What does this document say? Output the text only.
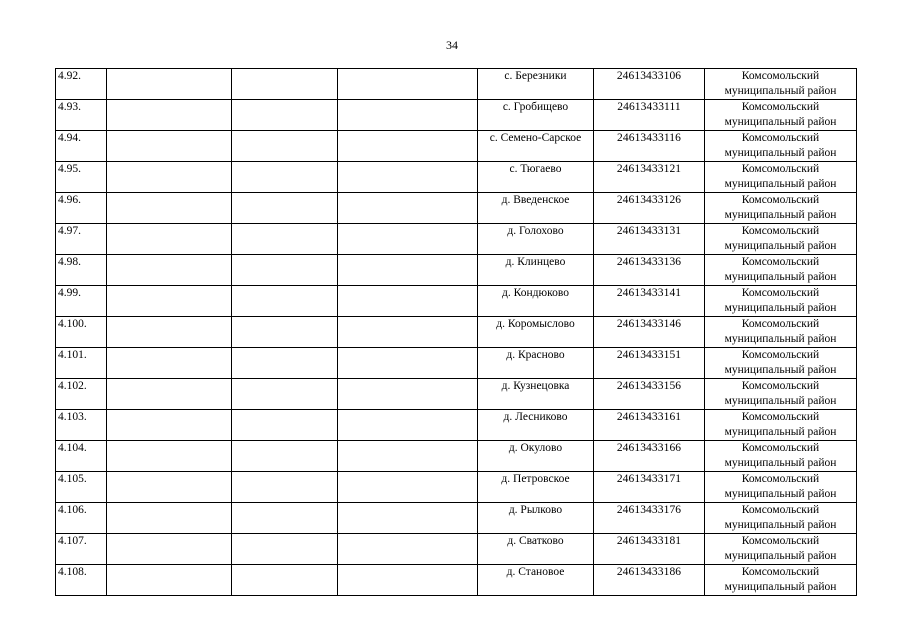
34
4.92.				с. Березники	24613433106	Комсомольский
муниципальный район

4.93.				с. Гробищево	24613433111	Комсомольский
муниципальный район

4.94.				с. Семено-Сарское	24613433116	Комсомольский
муниципальный район

4.95.				с. Тюгаево	24613433121	Комсомольский
муниципальный район

4.96.				д. Введенское	24613433126	Комсомольский
муниципальный район

4.97.				д. Голохово	24613433131	Комсомольский
муниципальный район

4.98.				д. Клинцево	24613433136	Комсомольский
муниципальный район

4.99.				д. Кондюково	24613433141	Комсомольский
муниципальный район

4.100.				д. Коромыслово	24613433146	Комсомольский
муниципальный район

4.101.				д. Красново	24613433151	Комсомольский
муниципальный район

4.102.				д. Кузнецовка	24613433156	Комсомольский
муниципальный район

4.103.				д. Лесниково	24613433161	Комсомольский
муниципальный район

4.104.				д. Окулово	24613433166	Комсомольский
муниципальный район

4.105.				д. Петровское	24613433171	Комсомольский
муниципальный район

4.106.				д. Рылково	24613433176	Комсомольский
муниципальный район

4.107.				д. Сватково	24613433181	Комсомольский
муниципальный район

4.108.				д. Становое	24613433186	Комсомольский
муниципальный район
